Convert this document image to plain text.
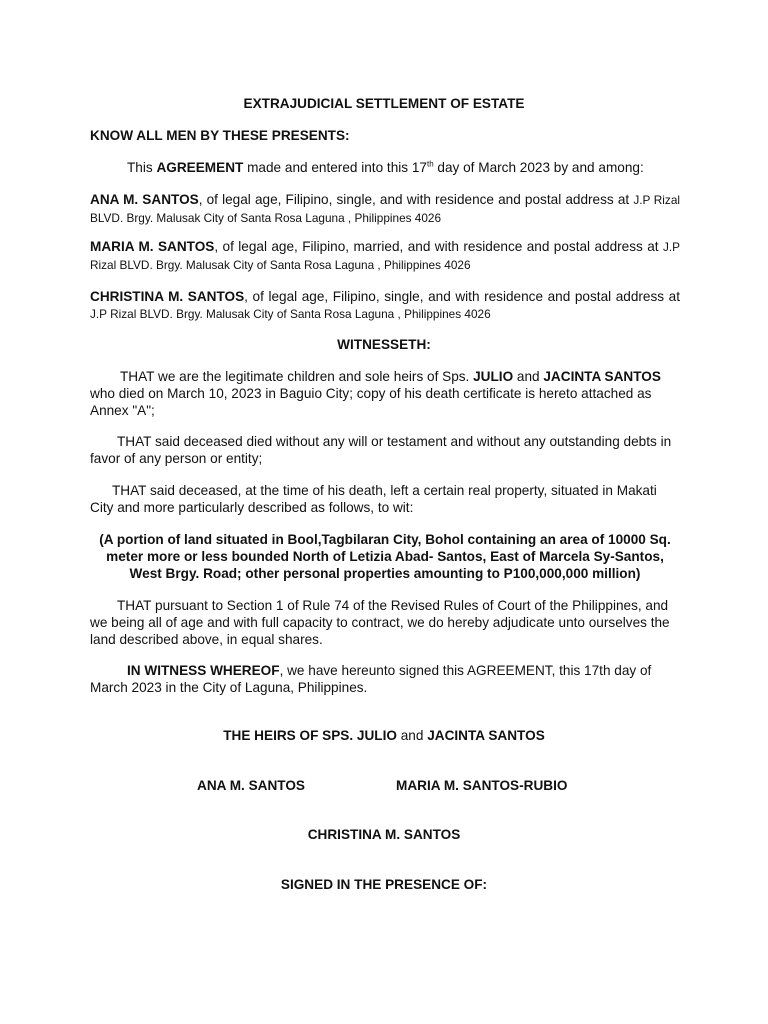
EXTRAJUDICIAL SETTLEMENT OF ESTATE

KNOW ALL MEN BY THESE PRESENTS:

This AGREEMENT made and entered into this 17th day of March 2023 by and among:

ANA M. SANTOS, of legal age, Filipino, single, and with residence and postal address at J.P Rizal BLVD. Brgy. Malusak City of Santa Rosa Laguna , Philippines 4026

MARIA M. SANTOS, of legal age, Filipino, married, and with residence and postal address at J.P Rizal BLVD. Brgy. Malusak City of Santa Rosa Laguna , Philippines 4026

CHRISTINA M. SANTOS, of legal age, Filipino, single, and with residence and postal address at J.P Rizal BLVD. Brgy. Malusak City of Santa Rosa Laguna , Philippines 4026

WITNESSETH:

THAT we are the legitimate children and sole heirs of Sps. JULIO and JACINTA SANTOS who died on March 10, 2023 in Baguio City; copy of his death certificate is hereto attached as Annex "A";

THAT said deceased died without any will or testament and without any outstanding debts in favor of any person or entity;

THAT said deceased, at the time of his death, left a certain real property, situated in Makati City and more particularly described as follows, to wit:

(A portion of land situated in Bool,Tagbilaran City, Bohol containing an area of 10000 Sq. meter more or less bounded North of Letizia Abad- Santos, East of Marcela Sy-Santos, West Brgy. Road; other personal properties amounting to P100,000,000 million)

THAT pursuant to Section 1 of Rule 74 of the Revised Rules of Court of the Philippines, and we being all of age and with full capacity to contract, we do hereby adjudicate unto ourselves the land described above, in equal shares.

IN WITNESS WHEREOF, we have hereunto signed this AGREEMENT, this 17th day of March 2023 in the City of Laguna, Philippines.

THE HEIRS OF SPS. JULIO and JACINTA SANTOS

ANA M. SANTOS	MARIA M. SANTOS-RUBIO

CHRISTINA M. SANTOS

SIGNED IN THE PRESENCE OF:
